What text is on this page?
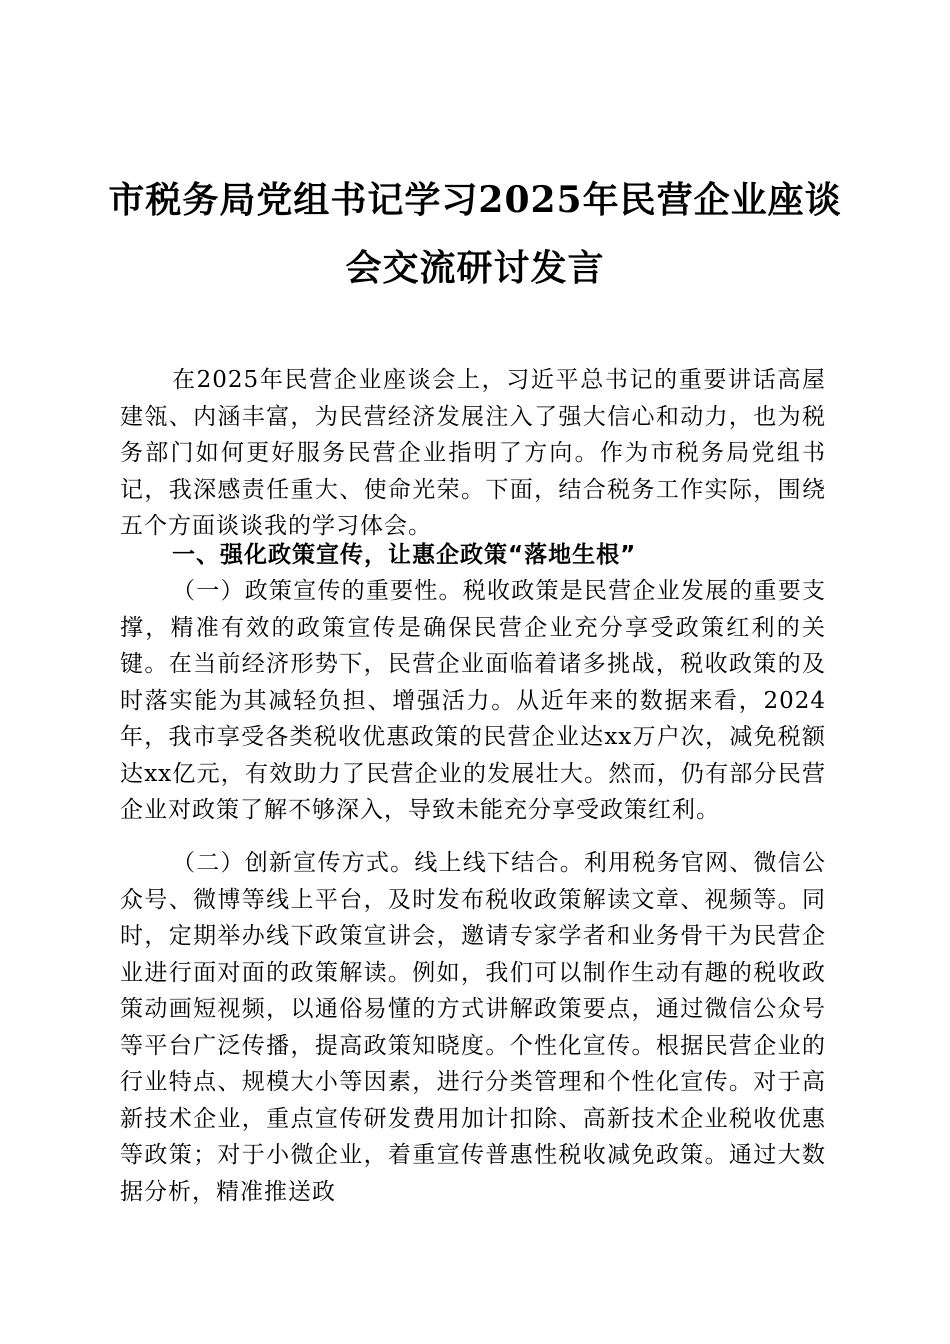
市税务局党组书记学习2025年民营企业座谈
会交流研讨发言

在2025年民营企业座谈会上，习近平总书记的重要讲话高屋建瓴、内涵丰富，为民营经济发展注入了强大信心和动力，也为税务部门如何更好服务民营企业指明了方向。作为市税务局党组书记，我深感责任重大、使命光荣。下面，结合税务工作实际，围绕五个方面谈谈我的学习体会。

一、强化政策宣传，让惠企政策“落地生根”

（一）政策宣传的重要性。税收政策是民营企业发展的重要支撑，精准有效的政策宣传是确保民营企业充分享受政策红利的关键。在当前经济形势下，民营企业面临着诸多挑战，税收政策的及时落实能为其减轻负担、增强活力。从近年来的数据来看，2024年，我市享受各类税收优惠政策的民营企业达xx万户次，减免税额达xx亿元，有效助力了民营企业的发展壮大。然而，仍有部分民营企业对政策了解不够深入，导致未能充分享受政策红利。

（二）创新宣传方式。线上线下结合。利用税务官网、微信公众号、微博等线上平台，及时发布税收政策解读文章、视频等。同时，定期举办线下政策宣讲会，邀请专家学者和业务骨干为民营企业进行面对面的政策解读。例如，我们可以制作生动有趣的税收政策动画短视频，以通俗易懂的方式讲解政策要点，通过微信公众号等平台广泛传播，提高政策知晓度。个性化宣传。根据民营企业的行业特点、规模大小等因素，进行分类管理和个性化宣传。对于高新技术企业，重点宣传研发费用加计扣除、高新技术企业税收优惠等政策；对于小微企业，着重宣传普惠性税收减免政策。通过大数据分析，精准推送政
